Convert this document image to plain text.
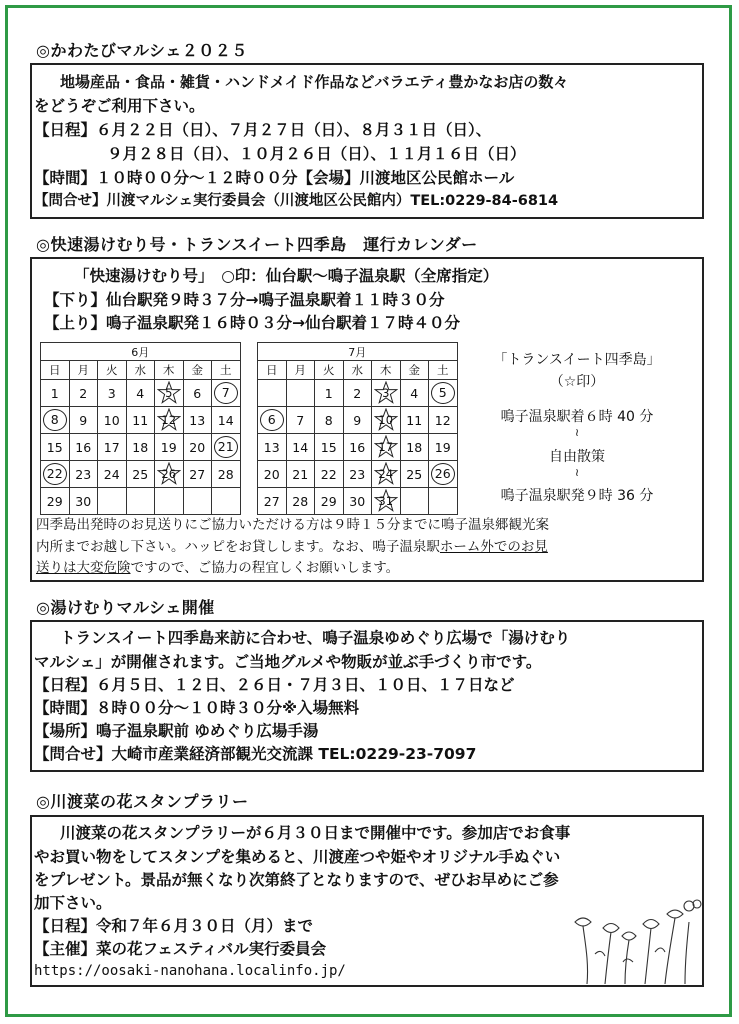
◎かわたびマルシェ２０２５
地場産品・食品・雑貨・ハンドメイド作品などバラエティ豊かなお店の数々
をどうぞご利用下さい。
【日程】６月２２日（日）、７月２７日（日）、８月３１日（日）、
９月２８日（日）、１０月２６日（日）、１１月１６日（日）
【時間】１０時００分～１２時００分【会場】川渡地区公民館ホール
【問合せ】川渡マルシェ実行委員会（川渡地区公民館内）TEL:0229-84-6814
◎快速湯けむり号・トランスイート四季島　運行カレンダー
「快速湯けむり号」　○印：仙台駅～鳴子温泉駅（全席指定）
【下り】仙台駅発９時３７分→鳴子温泉駅着１１時３０分
【上り】鳴子温泉駅発１６時０３分→仙台駅着１７時４０分
6月						
日	月	火	水	木	金	土
1	2	3	4	5	6	7
8	9	10	11	12	13	14
15	16	17	18	19	20	21
22	23	24	25	26	27	28
29	30					
7月						
日	月	火	水	木	金	土
		1	2	3	4	5
6	7	8	9	10	11	12
13	14	15	16	17	18	19
20	21	22	23	24	25	26
27	28	29	30	31		
「トランスイート四季島」
（☆印）
鳴子温泉駅着６時 40 分
≀
自由散策
≀
鳴子温泉駅発９時 36 分
四季島出発時のお見送りにご協力いただける方は９時１５分までに鳴子温泉郷観光案
内所までお越し下さい。ハッピをお貸しします。なお、鳴子温泉駅ホーム外でのお見
送りは大変危険ですので、ご協力の程宜しくお願いします。
◎湯けむりマルシェ開催
トランスイート四季島来訪に合わせ、鳴子温泉ゆめぐり広場で「湯けむり
マルシェ」が開催されます。ご当地グルメや物販が並ぶ手づくり市です。
【日程】６月５日、１２日、２６日・７月３日、１０日、１７日など
【時間】８時００分～１０時３０分※入場無料
【場所】鳴子温泉駅前 ゆめぐり広場手湯
【問合せ】大崎市産業経済部観光交流課 TEL:0229-23-7097
◎川渡菜の花スタンプラリー
川渡菜の花スタンプラリーが６月３０日まで開催中です。参加店でお食事
やお買い物をしてスタンプを集めると、川渡産つや姫やオリジナル手ぬぐい
をプレゼント。景品が無くなり次第終了となりますので、ぜひお早めにご参
加下さい。
【日程】令和７年６月３０日（月）まで
【主催】菜の花フェスティバル実行委員会
https://oosaki-nanohana.localinfo.jp/
